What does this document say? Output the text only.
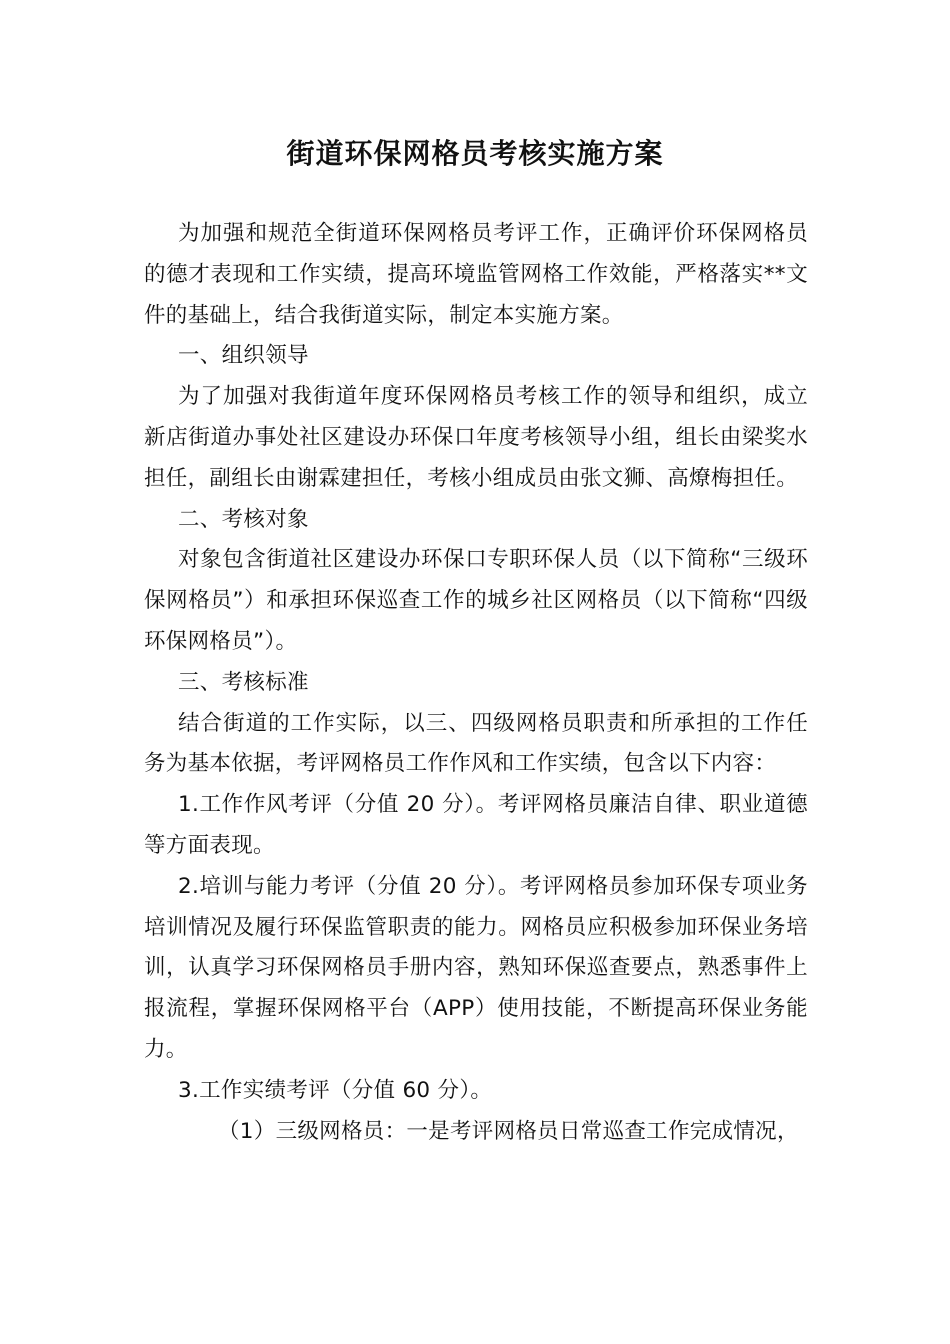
街道环保网格员考核实施方案

为加强和规范全街道环保网格员考评工作，正确评价环保网格员的德才表现和工作实绩，提高环境监管网格工作效能，严格落实**文件的基础上，结合我街道实际，制定本实施方案。

一、组织领导

为了加强对我街道年度环保网格员考核工作的领导和组织，成立新店街道办事处社区建设办环保口年度考核领导小组，组长由梁奖水担任，副组长由谢霖建担任，考核小组成员由张文狮、高燎梅担任。

二、考核对象

对象包含街道社区建设办环保口专职环保人员（以下简称“三级环保网格员”）和承担环保巡查工作的城乡社区网格员（以下简称“四级环保网格员”）。

三、考核标准

结合街道的工作实际，以三、四级网格员职责和所承担的工作任务为基本依据，考评网格员工作作风和工作实绩，包含以下内容：

1.工作作风考评（分值 20 分）。考评网格员廉洁自律、职业道德等方面表现。

2.培训与能力考评（分值 20 分）。考评网格员参加环保专项业务培训情况及履行环保监管职责的能力。网格员应积极参加环保业务培训，认真学习环保网格员手册内容，熟知环保巡查要点，熟悉事件上报流程，掌握环保网格平台（APP）使用技能，不断提高环保业务能力。

3.工作实绩考评（分值 60 分）。

（1）三级网格员：一是考评网格员日常巡查工作完成情况，
